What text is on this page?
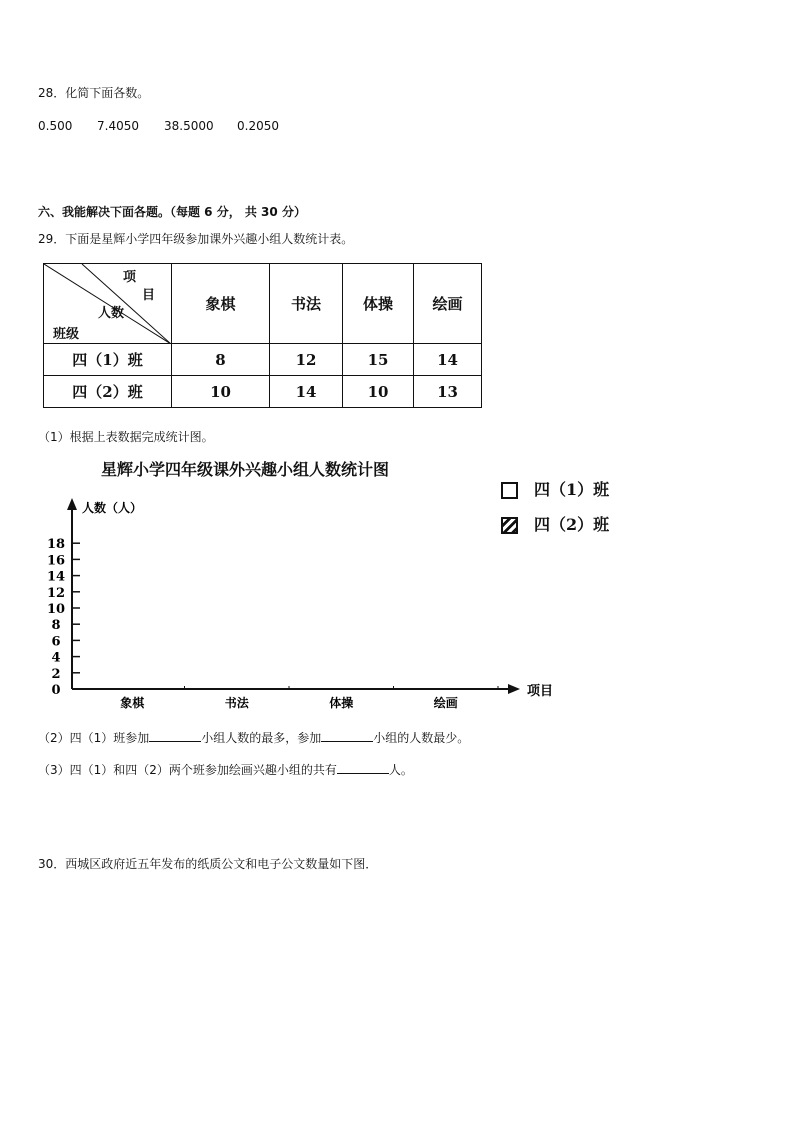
28．化简下面各数。
0.500 7.4050 38.5000 0.2050
六、我能解决下面各题。（每题 6 分， 共 30 分）
29．下面是星辉小学四年级参加课外兴趣小组人数统计表。
项
目
人数
班级	象棋	书法	体操	绘画
四（1）班	8	12	15	14
四（2）班	10	14	10	13
（1）根据上表数据完成统计图。
星辉小学四年级课外兴趣小组人数统计图
四（1）班
四（2）班
人数（人）
项目
0
2
4
6
8
10
12
14
16
18
象棋	书法	体操	绘画
（2）四（1）班参加	小组人数的最多，参加	小组的人数最少。
（3）四（1）和四（2）两个班参加绘画兴趣小组的共有	人。
30．西城区政府近五年发布的纸质公文和电子公文数量如下图．
